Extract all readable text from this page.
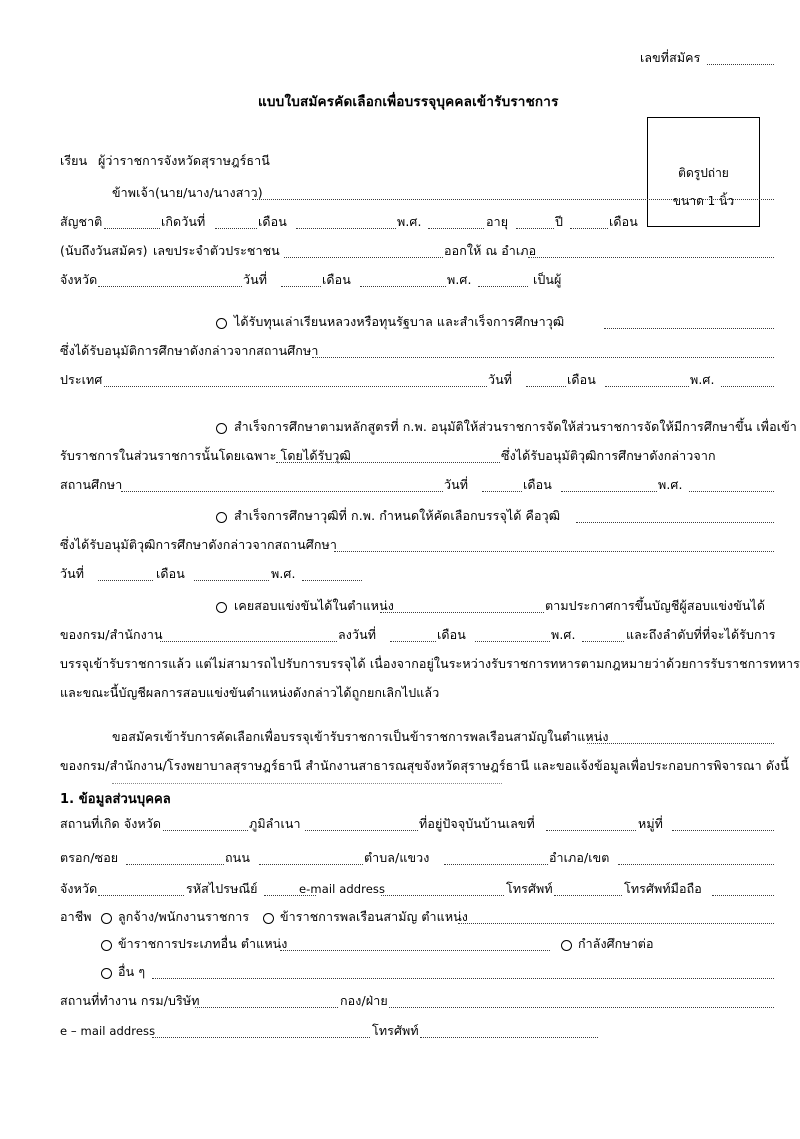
เลขที่สมัคร
แบบใบสมัครคัดเลือกเพื่อบรรจุบุคคลเข้ารับราชการ
ติดรูปถ่าย
ขนาด 1 นิ้ว
เรียน ผู้ว่าราชการจังหวัดสุราษฎร์ธานี
ข้าพเจ้า(นาย/นาง/นางสาว)
สัญชาติ	เกิดวันที่	เดือน	พ.ศ.	อายุ	ปี	เดือน
(นับถึงวันสมัคร) เลขประจำตัวประชาชน	ออกให้ ณ อำเภอ
จังหวัด	วันที่	เดือน	พ.ศ.	เป็นผู้
ได้รับทุนเล่าเรียนหลวงหรือทุนรัฐบาล และสำเร็จการศึกษาวุฒิ
ซึ่งได้รับอนุมัติการศึกษาดังกล่าวจากสถานศึกษา
ประเทศ	วันที่	เดือน	พ.ศ.
สำเร็จการศึกษาตามหลักสูตรที่ ก.พ. อนุมัติให้ส่วนราชการจัดให้ส่วนราชการจัดให้มีการศึกษาขึ้น เพื่อเข้า
รับราชการในส่วนราชการนั้นโดยเฉพาะ โดยได้รับวุฒิ	ซึ่งได้รับอนุมัติวุฒิการศึกษาดังกล่าวจาก
สถานศึกษา	วันที่	เดือน	พ.ศ.
สำเร็จการศึกษาวุฒิที่ ก.พ. กำหนดให้คัดเลือกบรรจุได้ คือวุฒิ
ซึ่งได้รับอนุมัติวุฒิการศึกษาดังกล่าวจากสถานศึกษา
วันที่	เดือน	พ.ศ.
เคยสอบแข่งขันได้ในตำแหน่ง	ตามประกาศการขึ้นบัญชีผู้สอบแข่งขันได้
ของกรม/สำนักงาน	ลงวันที่	เดือน	พ.ศ.	และถึงลำดับที่ที่จะได้รับการ
บรรจุเข้ารับราชการแล้ว แต่ไม่สามารถไปรับการบรรจุได้ เนื่องจากอยู่ในระหว่างรับราชการทหารตามกฎหมายว่าด้วยการรับราชการทหาร
และขณะนี้บัญชีผลการสอบแข่งขันตำแหน่งดังกล่าวได้ถูกยกเลิกไปแล้ว
ขอสมัครเข้ารับการคัดเลือกเพื่อบรรจุเข้ารับราชการเป็นข้าราชการพลเรือนสามัญในตำแหน่ง
ของกรม/สำนักงาน/โรงพยาบาลสุราษฎร์ธานี สำนักงานสาธารณสุขจังหวัดสุราษฎร์ธานี และขอแจ้งข้อมูลเพื่อประกอบการพิจารณา ดังนี้
1. ข้อมูลส่วนบุคคล
สถานที่เกิด จังหวัด	ภูมิลำเนา	ที่อยู่ปัจจุบันบ้านเลขที่	หมู่ที่
ตรอก/ซอย	ถนน	ตำบล/แขวง	อำเภอ/เขต
จังหวัด	รหัสไปรษณีย์	e-mail address	โทรศัพท์	โทรศัพท์มือถือ
อาชีพ ลูกจ้าง/พนักงานราชการ ข้าราชการพลเรือนสามัญ ตำแหน่ง
ข้าราชการประเภทอื่น ตำแหน่ง	กำลังศึกษาต่อ
อื่น ๆ
สถานที่ทำงาน กรม/บริษัท	กอง/ฝ่าย
e – mail address	โทรศัพท์
